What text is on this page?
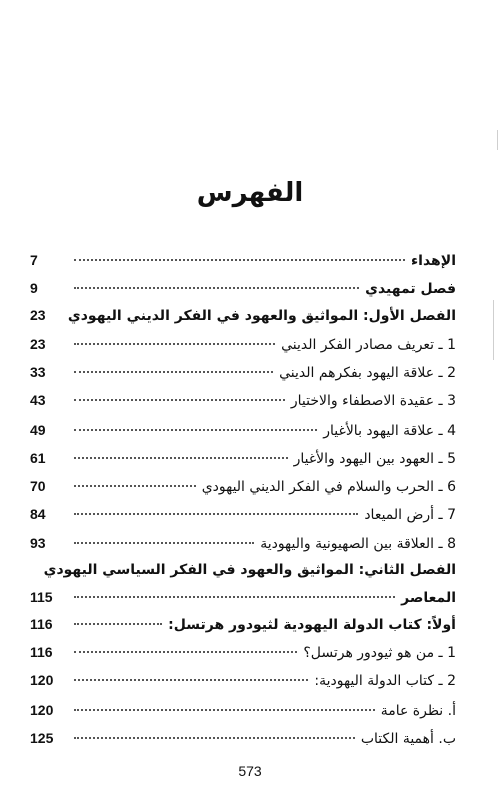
الفهرس
الإهداء
7
فصل تمهيدي
9
الفصل الأول: المواثيق والعهود في الفكر الديني اليهودي
23
1 ـ تعريف مصادر الفكر الديني
23
2 ـ علاقة اليهود بفكرهم الديني
33
3 ـ عقيدة الاصطفاء والاختيار
43
4 ـ علاقة اليهود بالأغيار
49
5 ـ العهود بين اليهود والأغيار
61
6 ـ الحرب والسلام في الفكر الديني اليهودي
70
7 ـ أرض الميعاد
84
8 ـ العلاقة بين الصهيونية واليهودية
93
الفصل الثاني: المواثيق والعهود في الفكر السياسي اليهودي
المعاصر
115
أولاً: كتاب الدولة اليهودية لثيودور هرتسل:
116
1 ـ من هو ثيودور هرتسل؟
116
2 ـ كتاب الدولة اليهودية:
120
أ. نظرة عامة
120
ب. أهمية الكتاب
125
573
